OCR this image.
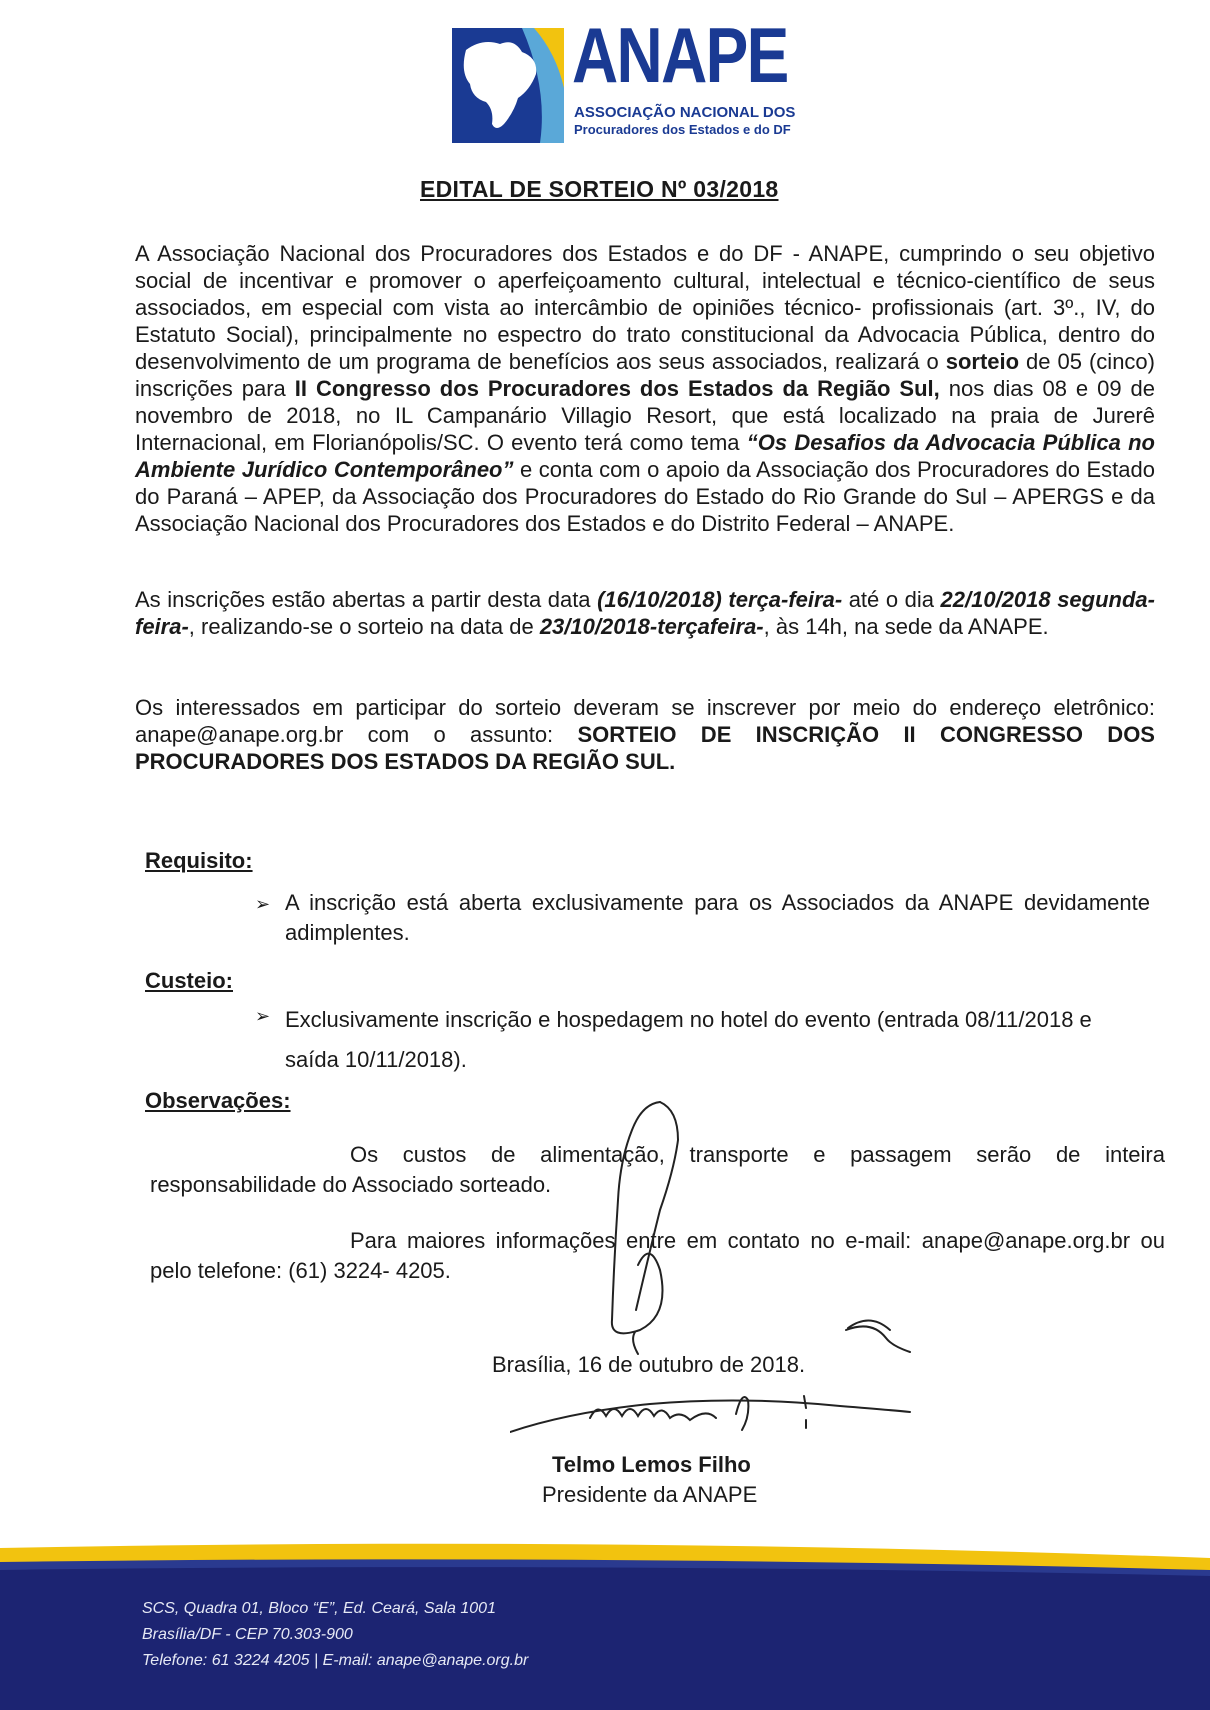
ANAPE
ASSOCIAÇÃO NACIONAL DOS
Procuradores dos Estados e do DF
EDITAL DE SORTEIO Nº 03/2018
A Associação Nacional dos Procuradores dos Estados e do DF - ANAPE, cumprindo o seu objetivo social de incentivar e promover o aperfeiçoamento cultural, intelectual e técnico-científico de seus associados, em especial com vista ao intercâmbio de opiniões técnico- profissionais (art. 3º., IV, do Estatuto Social), principalmente no espectro do trato constitucional da Advocacia Pública, dentro do desenvolvimento de um programa de benefícios aos seus associados, realizará o sorteio de 05 (cinco) inscrições para II Congresso dos Procuradores dos Estados da Região Sul, nos dias 08 e 09 de novembro de 2018, no IL Campanário Villagio Resort, que está localizado na praia de Jurerê Internacional, em Florianópolis/SC. O evento terá como tema “Os Desafios da Advocacia Pública no Ambiente Jurídico Contemporâneo” e conta com o apoio da Associação dos Procuradores do Estado do Paraná – APEP, da Associação dos Procuradores do Estado do Rio Grande do Sul – APERGS e da Associação Nacional dos Procuradores dos Estados e do Distrito Federal – ANAPE.
As inscrições estão abertas a partir desta data (16/10/2018) terça-feira- até o dia 22/10/2018 segunda-feira-, realizando-se o sorteio na data de 23/10/2018-terçafeira-, às 14h, na sede da ANAPE.
Os interessados em participar do sorteio deveram se inscrever por meio do endereço eletrônico: anape@anape.org.br com o assunto: SORTEIO DE INSCRIÇÃO II CONGRESSO DOS PROCURADORES DOS ESTADOS DA REGIÃO SUL.
Requisito:
➢ A inscrição está aberta exclusivamente para os Associados da ANAPE devidamente adimplentes.
Custeio:
➢ Exclusivamente inscrição e hospedagem no hotel do evento (entrada 08/11/2018 e saída 10/11/2018).
Observações:
Os custos de alimentação, transporte e passagem serão de inteira responsabilidade do Associado sorteado.
Para maiores informações entre em contato no e-mail: anape@anape.org.br ou pelo telefone: (61) 3224- 4205.
Brasília, 16 de outubro de 2018.
Telmo Lemos Filho
Presidente da ANAPE
SCS, Quadra 01, Bloco “E”, Ed. Ceará, Sala 1001
Brasília/DF - CEP 70.303-900
Telefone: 61 3224 4205 | E-mail: anape@anape.org.br
